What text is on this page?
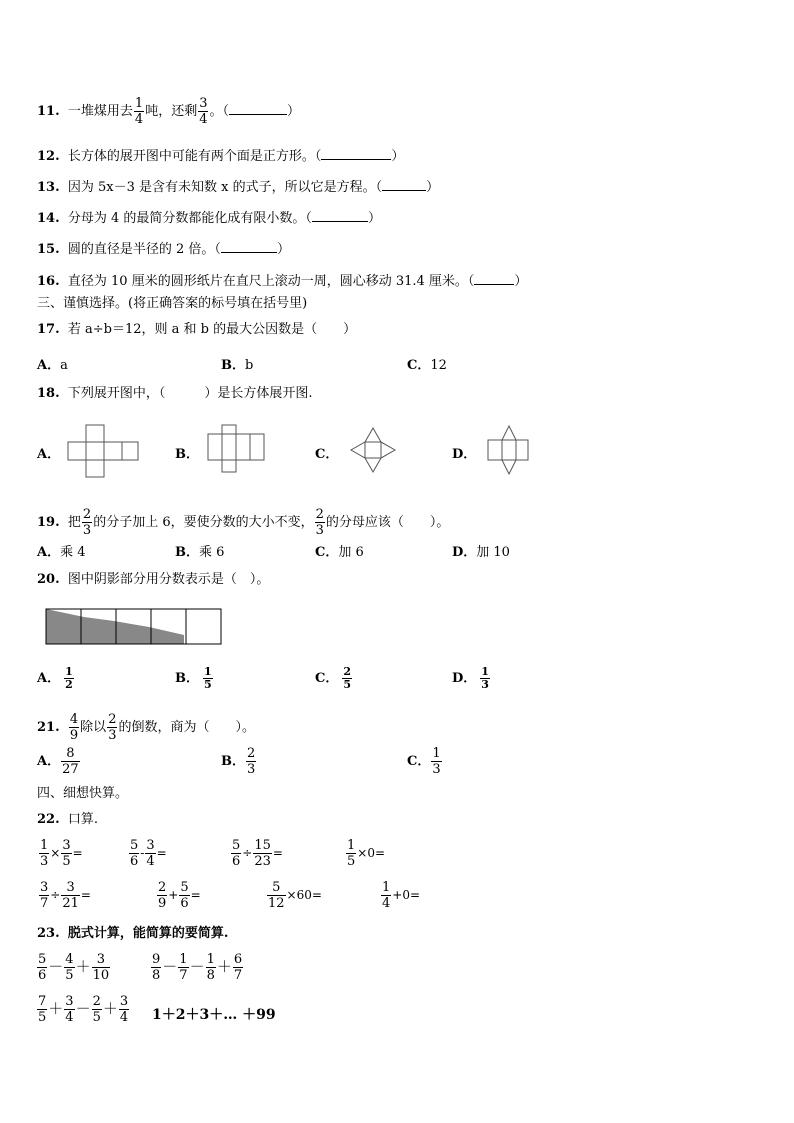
11. 一堆煤用去 $\frac{1}{4}$ 吨，还剩 $\frac{3}{4}$ 。（	）
12. 长方体的展开图中可能有两个面是正方形。（	）
13. 因为 5x－3 是含有未知数 x 的式子，所以它是方程。（	）
14. 分母为 4 的最简分数都能化成有限小数。（	）
15. 圆的直径是半径的 2 倍。（	）
16. 直径为 10 厘米的圆形纸片在直尺上滚动一周，圆心移动 31.4 厘米。（	）
三、谨慎选择。(将正确答案的标号填在括号里)
17. 若 a÷b＝12，则 a 和 b 的最大公因数是（　　）
A．a	B．b	C．12
18. 下列展开图中，（　　　）是长方体展开图.
A．	B．	C．	D．
19. 把 $\frac{2}{3}$ 的分子加上 6，要使分数的大小不变， $\frac{2}{3}$ 的分母应该（　　）。
A．乘 4	B．乘 6	C．加 6	D．加 10
20. 图中阴影部分用分数表示是（　）。
A． $\frac{1}{2}$	B． $\frac{1}{5}$	C． $\frac{2}{5}$	D． $\frac{1}{3}$
21. $\frac{4}{9}$ 除以 $\frac{2}{3}$ 的倒数，商为（　　）。
A． $\frac{8}{27}$	B． $\frac{2}{3}$	C． $\frac{1}{3}$
四、细想快算。
22. 口算.
$\frac{1}{3} \times \frac{3}{5}$ =	$\frac{5}{6} - \frac{3}{4}$ =	$\frac{5}{6} \div \frac{15}{23}$ =	$\frac{1}{5} \times 0=$
$\frac{3}{7} \div \frac{3}{21}$ =	$\frac{2}{9} + \frac{5}{6}$ =	$\frac{5}{12} \times 60=$	$\frac{1}{4} +0=$
23. 脱式计算，能简算的要简算.
$\frac{5}{6} - \frac{4}{5} + \frac{3}{10}$	$\frac{9}{8} - \frac{1}{7} - \frac{1}{8} + \frac{6}{7}$
$\frac{7}{5} + \frac{3}{4} - \frac{2}{5} + \frac{3}{4}$ 1＋2＋3＋… ＋99
